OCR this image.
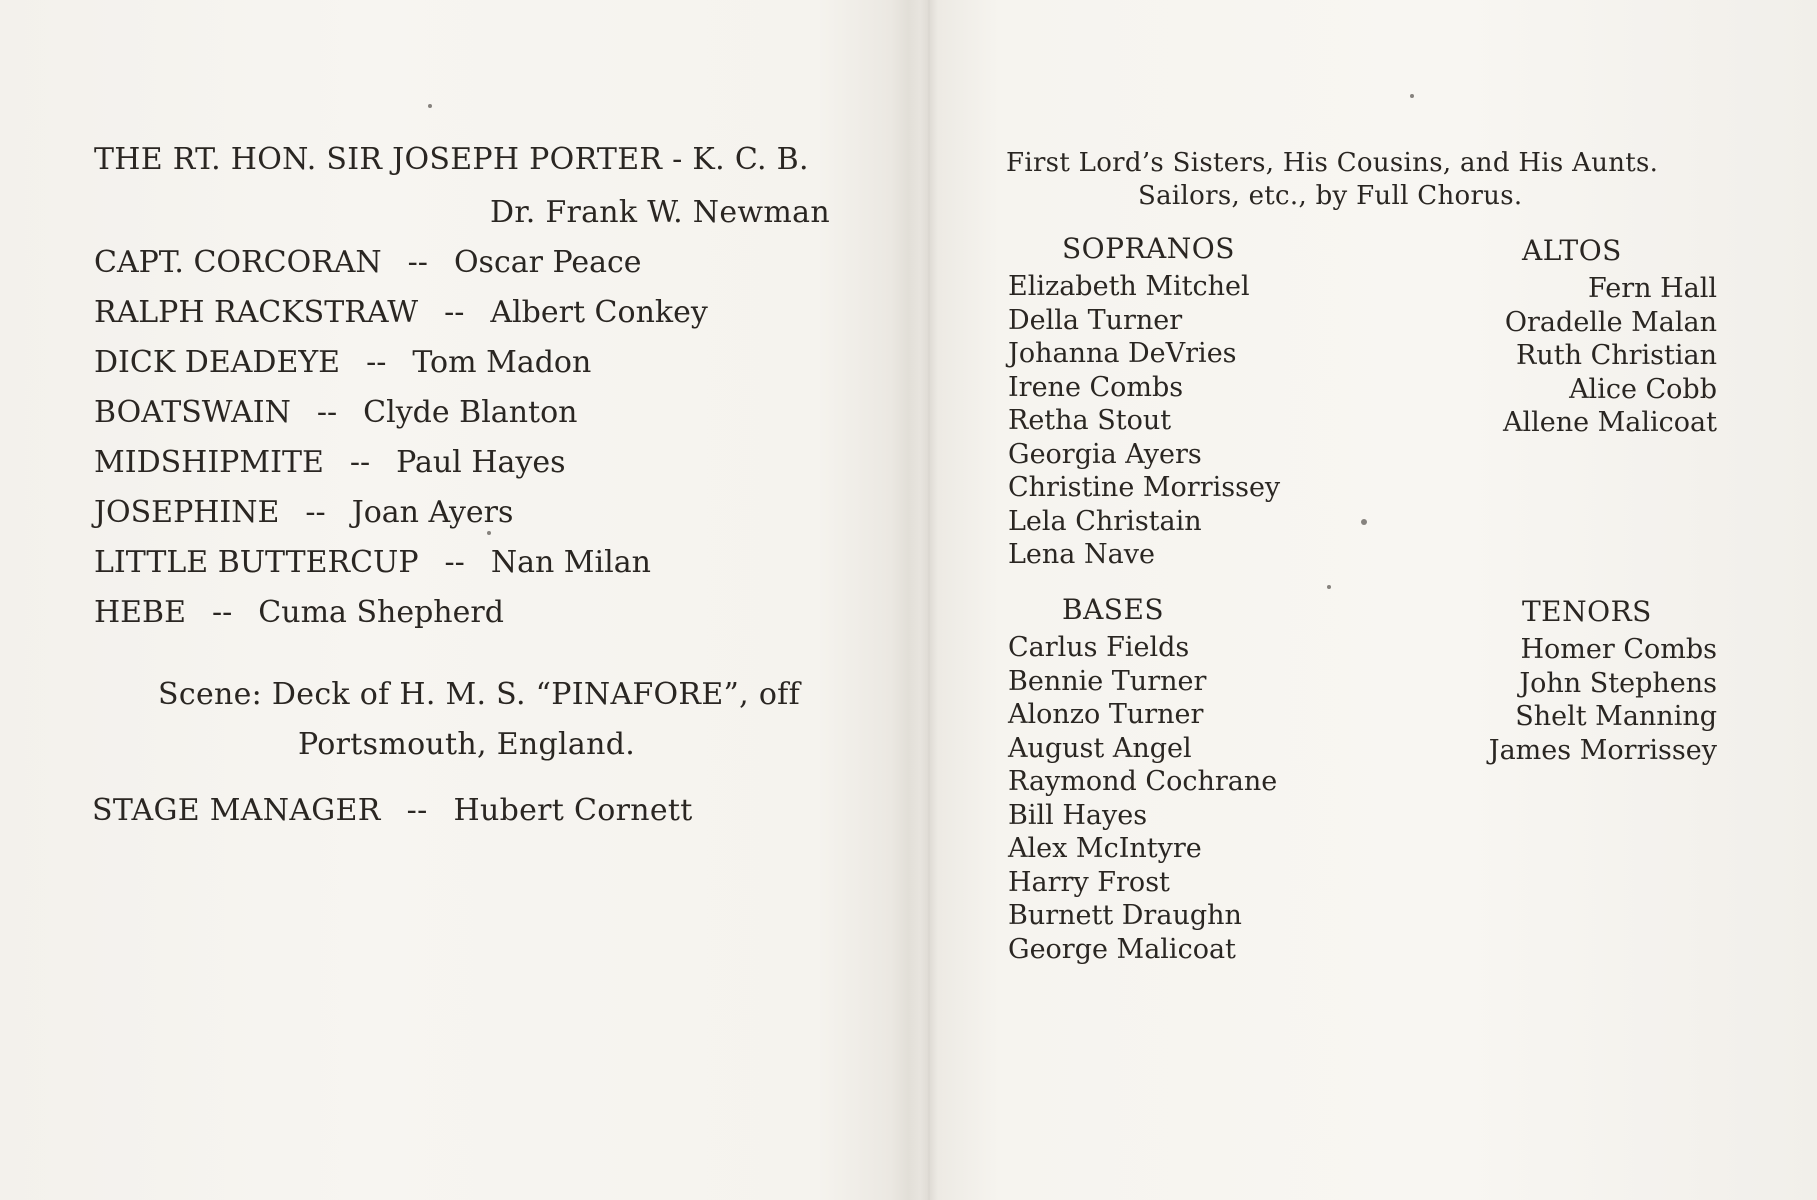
THE RT. HON. SIR JOSEPH PORTER - K. C. B.
Dr. Frank W. Newman
CAPT. CORCORAN -- Oscar Peace
RALPH RACKSTRAW -- Albert Conkey
DICK DEADEYE -- Tom Madon
BOATSWAIN -- Clyde Blanton
MIDSHIPMITE -- Paul Hayes
JOSEPHINE -- Joan Ayers
LITTLE BUTTERCUP -- Nan Milan
HEBE -- Cuma Shepherd
Scene: Deck of H. M. S. “PINAFORE”, off
Portsmouth, England.
STAGE MANAGER -- Hubert Cornett
First Lord’s Sisters, His Cousins, and His Aunts.
Sailors, etc., by Full Chorus.
SOPRANOS
Elizabeth Mitchel
Della Turner
Johanna DeVries
Irene Combs
Retha Stout
Georgia Ayers
Christine Morrissey
Lela Christain
Lena Nave
ALTOS
Fern Hall
Oradelle Malan
Ruth Christian
Alice Cobb
Allene Malicoat
BASES
Carlus Fields
Bennie Turner
Alonzo Turner
August Angel
Raymond Cochrane
Bill Hayes
Alex McIntyre
Harry Frost
Burnett Draughn
George Malicoat
TENORS
Homer Combs
John Stephens
Shelt Manning
James Morrissey
